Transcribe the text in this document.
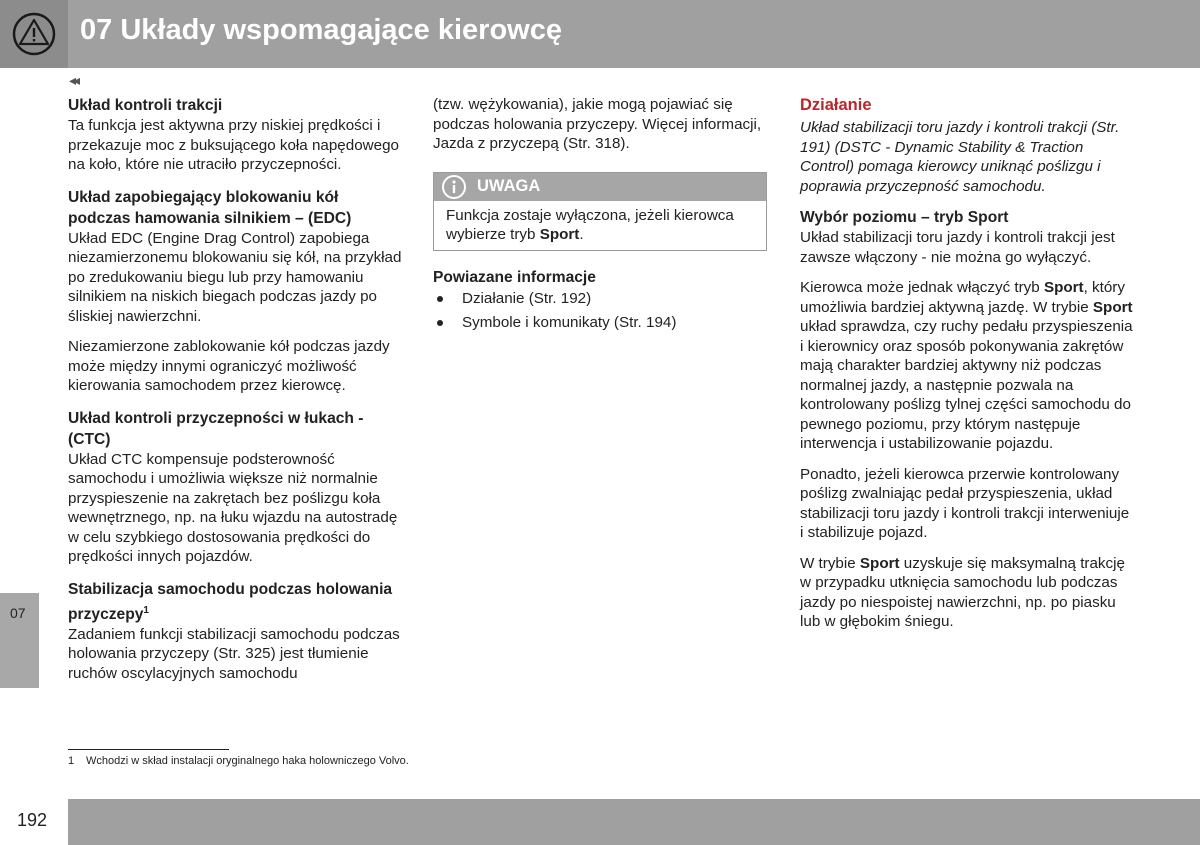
07 Układy wspomagające kierowcę
◂◂
07
Układ kontroli trakcji

Ta funkcja jest aktywna przy niskiej prędkości i przekazuje moc z buksującego koła napędowego na koło, które nie utraciło przyczepności.

Układ zapobiegający blokowaniu kół podczas hamowania silnikiem – (EDC)

Układ EDC (Engine Drag Control) zapobiega niezamierzonemu blokowaniu się kół, na przykład po zredukowaniu biegu lub przy hamowaniu silnikiem na niskich biegach podczas jazdy po śliskiej nawierzchni.

Niezamierzone zablokowanie kół podczas jazdy może między innymi ograniczyć możliwość kierowania samochodem przez kierowcę.

Układ kontroli przyczepności w łukach - (CTC)

Układ CTC kompensuje podsterowność samochodu i umożliwia większe niż normalnie przyspieszenie na zakrętach bez poślizgu koła wewnętrznego, np. na łuku wjazdu na autostradę w celu szybkiego dostosowania prędkości do prędkości innych pojazdów.

Stabilizacja samochodu podczas holowania przyczepy$^1$

Zadaniem funkcji stabilizacji samochodu podczas holowania przyczepy (Str. 325) jest tłumienie ruchów oscylacyjnych samochodu

(tzw. wężykowania), jakie mogą pojawiać się podczas holowania przyczepy. Więcej informacji, Jazda z przyczepą (Str. 318).

UWAGA
Funkcja zostaje wyłączona, jeżeli kierowca wybierze tryb Sport.
Powiazane informacje
Działanie (Str. 192)
Symbole i komunikaty (Str. 194)
Działanie

Układ stabilizacji toru jazdy i kontroli trakcji (Str. 191) (DSTC - Dynamic Stability & Traction Control) pomaga kierowcy uniknąć poślizgu i poprawia przyczepność samochodu.

Wybór poziomu – tryb Sport

Układ stabilizacji toru jazdy i kontroli trakcji jest zawsze włączony - nie można go wyłączyć.

Kierowca może jednak włączyć tryb Sport, który umożliwia bardziej aktywną jazdę. W trybie Sport układ sprawdza, czy ruchy pedału przyspieszenia i kierownicy oraz sposób pokonywania zakrętów mają charakter bardziej aktywny niż podczas normalnej jazdy, a następnie pozwala na kontrolowany poślizg tylnej części samochodu do pewnego poziomu, przy którym następuje interwencja i ustabilizowanie pojazdu.

Ponadto, jeżeli kierowca przerwie kontrolowany poślizg zwalniając pedał przyspieszenia, układ stabilizacji toru jazdy i kontroli trakcji interweniuje i stabilizuje pojazd.

W trybie Sport uzyskuje się maksymalną trakcję w przypadku utknięcia samochodu lub podczas jazdy po niespoistej nawierzchni, np. po piasku lub w głębokim śniegu.

1 Wchodzi w skład instalacji oryginalnego haka holowniczego Volvo.
192
